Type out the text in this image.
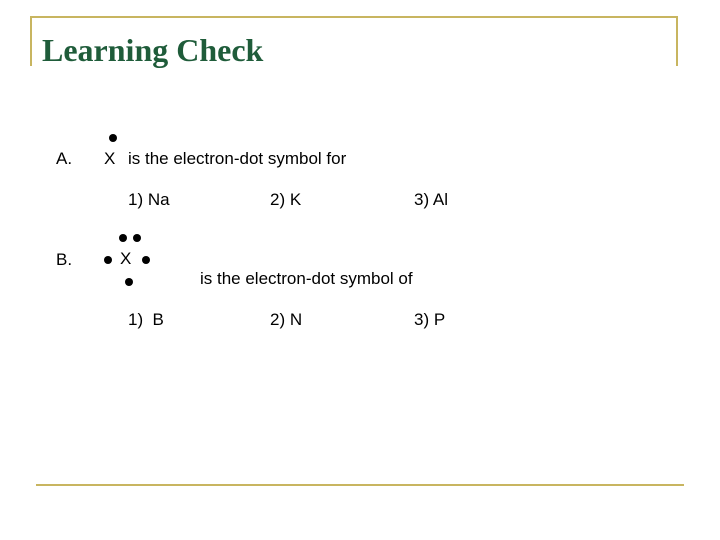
Learning Check
A. X is the electron-dot symbol for
1) Na	2) K	3) Al
B.	X
is the electron-dot symbol of
1)  B	2) N	3) P
